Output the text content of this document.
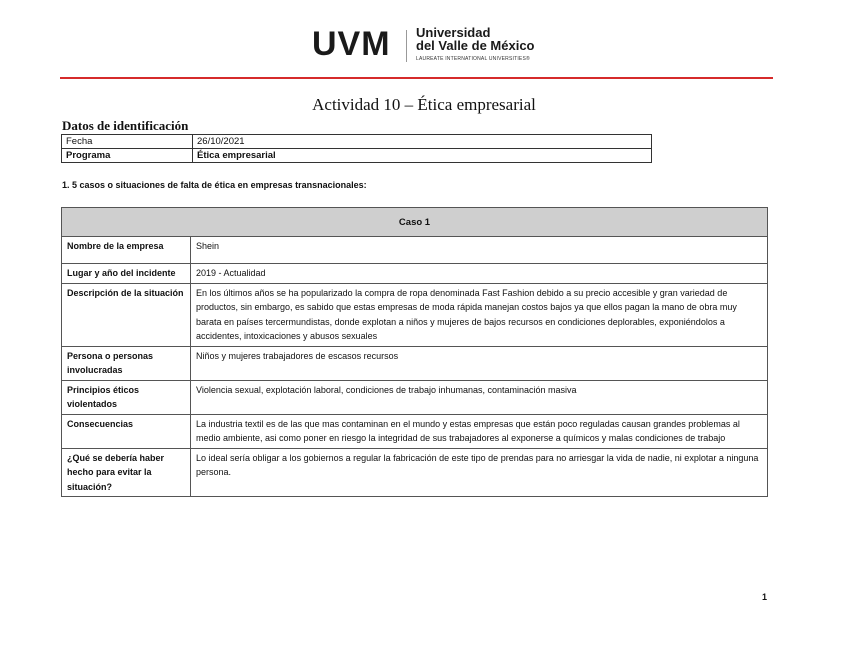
UVM Universidad
del Valle de México
LAUREATE INTERNATIONAL UNIVERSITIES®
Actividad 10 – Ética empresarial
Datos de identificación
Fecha	26/10/2021
Programa	Ética empresarial
1. 5 casos o situaciones de falta de ética en empresas transnacionales:
Caso 1	
Nombre de la empresa	Shein
Lugar y año del incidente	2019 - Actualidad
Descripción de la situación	En los últimos años se ha popularizado la compra de ropa denominada Fast Fashion debido a su precio accesible y gran variedad de productos, sin embargo, es sabido que estas empresas de moda rápida manejan costos bajos ya que ellos pagan la mano de obra muy barata en países tercermundistas, donde explotan a niños y mujeres de bajos recursos en condiciones deplorables, exponiéndolos a accidentes, intoxicaciones y abusos sexuales
Persona o personas involucradas	Niños y mujeres trabajadores de escasos recursos
Principios éticos violentados	Violencia sexual, explotación laboral, condiciones de trabajo inhumanas, contaminación masiva
Consecuencias	La industria textil es de las que mas contaminan en el mundo y estas empresas que están poco reguladas causan grandes problemas al medio ambiente, asi como poner en riesgo la integridad de sus trabajadores al exponerse a químicos y malas condiciones de trabajo
¿Qué se debería haber hecho para evitar la situación?	Lo ideal sería obligar a los gobiernos a regular la fabricación de este tipo de prendas para no arriesgar la vida de nadie, ni explotar a ninguna persona.
1
